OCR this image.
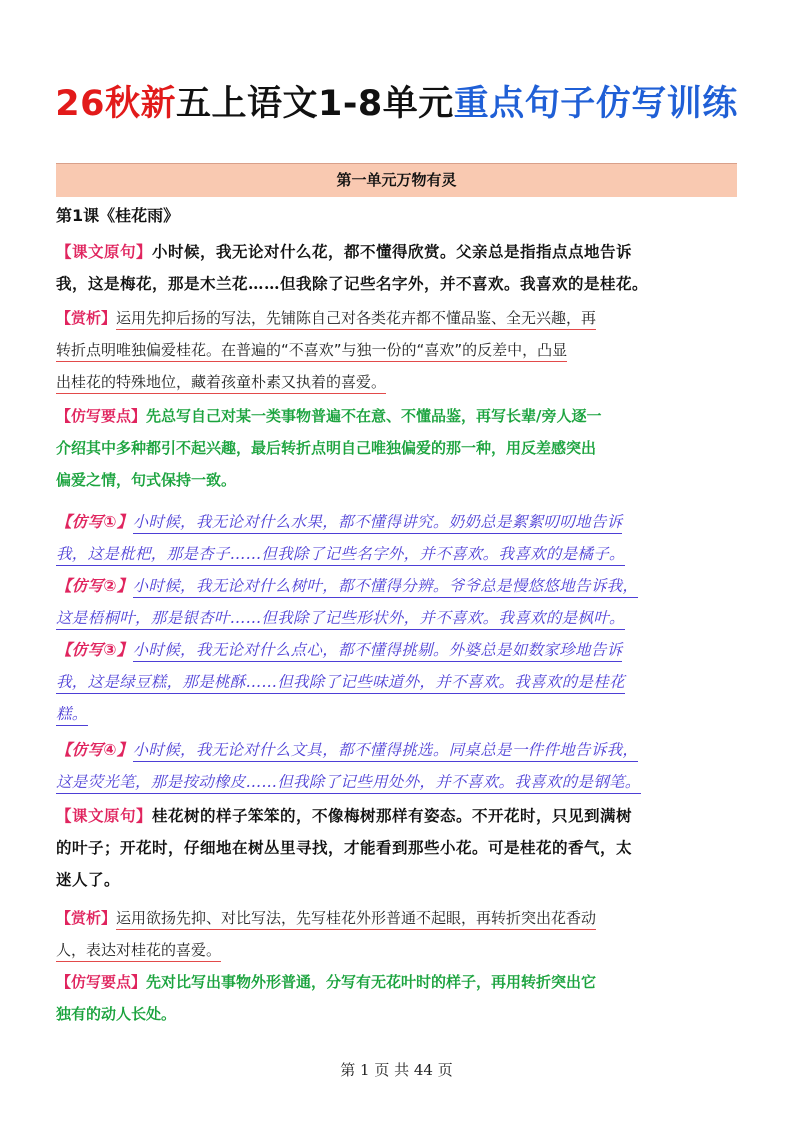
26秋新五上语文1-8单元重点句子仿写训练
第一单元万物有灵
第1课《桂花雨》
【课文原句】小时候，我无论对什么花，都不懂得欣赏。父亲总是指指点点地告诉
我，这是梅花，那是木兰花……但我除了记些名字外，并不喜欢。我喜欢的是桂花。
【赏析】运用先抑后扬的写法，先铺陈自己对各类花卉都不懂品鉴、全无兴趣，再
转折点明唯独偏爱桂花。在普遍的“不喜欢”与独一份的“喜欢”的反差中，凸显
出桂花的特殊地位，藏着孩童朴素又执着的喜爱。
【仿写要点】先总写自己对某一类事物普遍不在意、不懂品鉴，再写长辈/旁人逐一
介绍其中多种都引不起兴趣，最后转折点明自己唯独偏爱的那一种，用反差感突出
偏爱之情，句式保持一致。
【仿写①】小时候，我无论对什么水果，都不懂得讲究。奶奶总是絮絮叨叨地告诉
我，这是枇杷，那是杏子……但我除了记些名字外，并不喜欢。我喜欢的是橘子。
【仿写②】小时候，我无论对什么树叶，都不懂得分辨。爷爷总是慢悠悠地告诉我，
这是梧桐叶，那是银杏叶……但我除了记些形状外，并不喜欢。我喜欢的是枫叶。
【仿写③】小时候，我无论对什么点心，都不懂得挑剔。外婆总是如数家珍地告诉
我，这是绿豆糕，那是桃酥……但我除了记些味道外，并不喜欢。我喜欢的是桂花
糕。
【仿写④】小时候，我无论对什么文具，都不懂得挑选。同桌总是一件件地告诉我，
这是荧光笔，那是按动橡皮……但我除了记些用处外，并不喜欢。我喜欢的是钢笔。
【课文原句】桂花树的样子笨笨的，不像梅树那样有姿态。不开花时，只见到满树
的叶子；开花时，仔细地在树丛里寻找，才能看到那些小花。可是桂花的香气，太
迷人了。
【赏析】运用欲扬先抑、对比写法，先写桂花外形普通不起眼，再转折突出花香动
人，表达对桂花的喜爱。
【仿写要点】先对比写出事物外形普通，分写有无花叶时的样子，再用转折突出它
独有的动人长处。
第 1 页 共 44 页
